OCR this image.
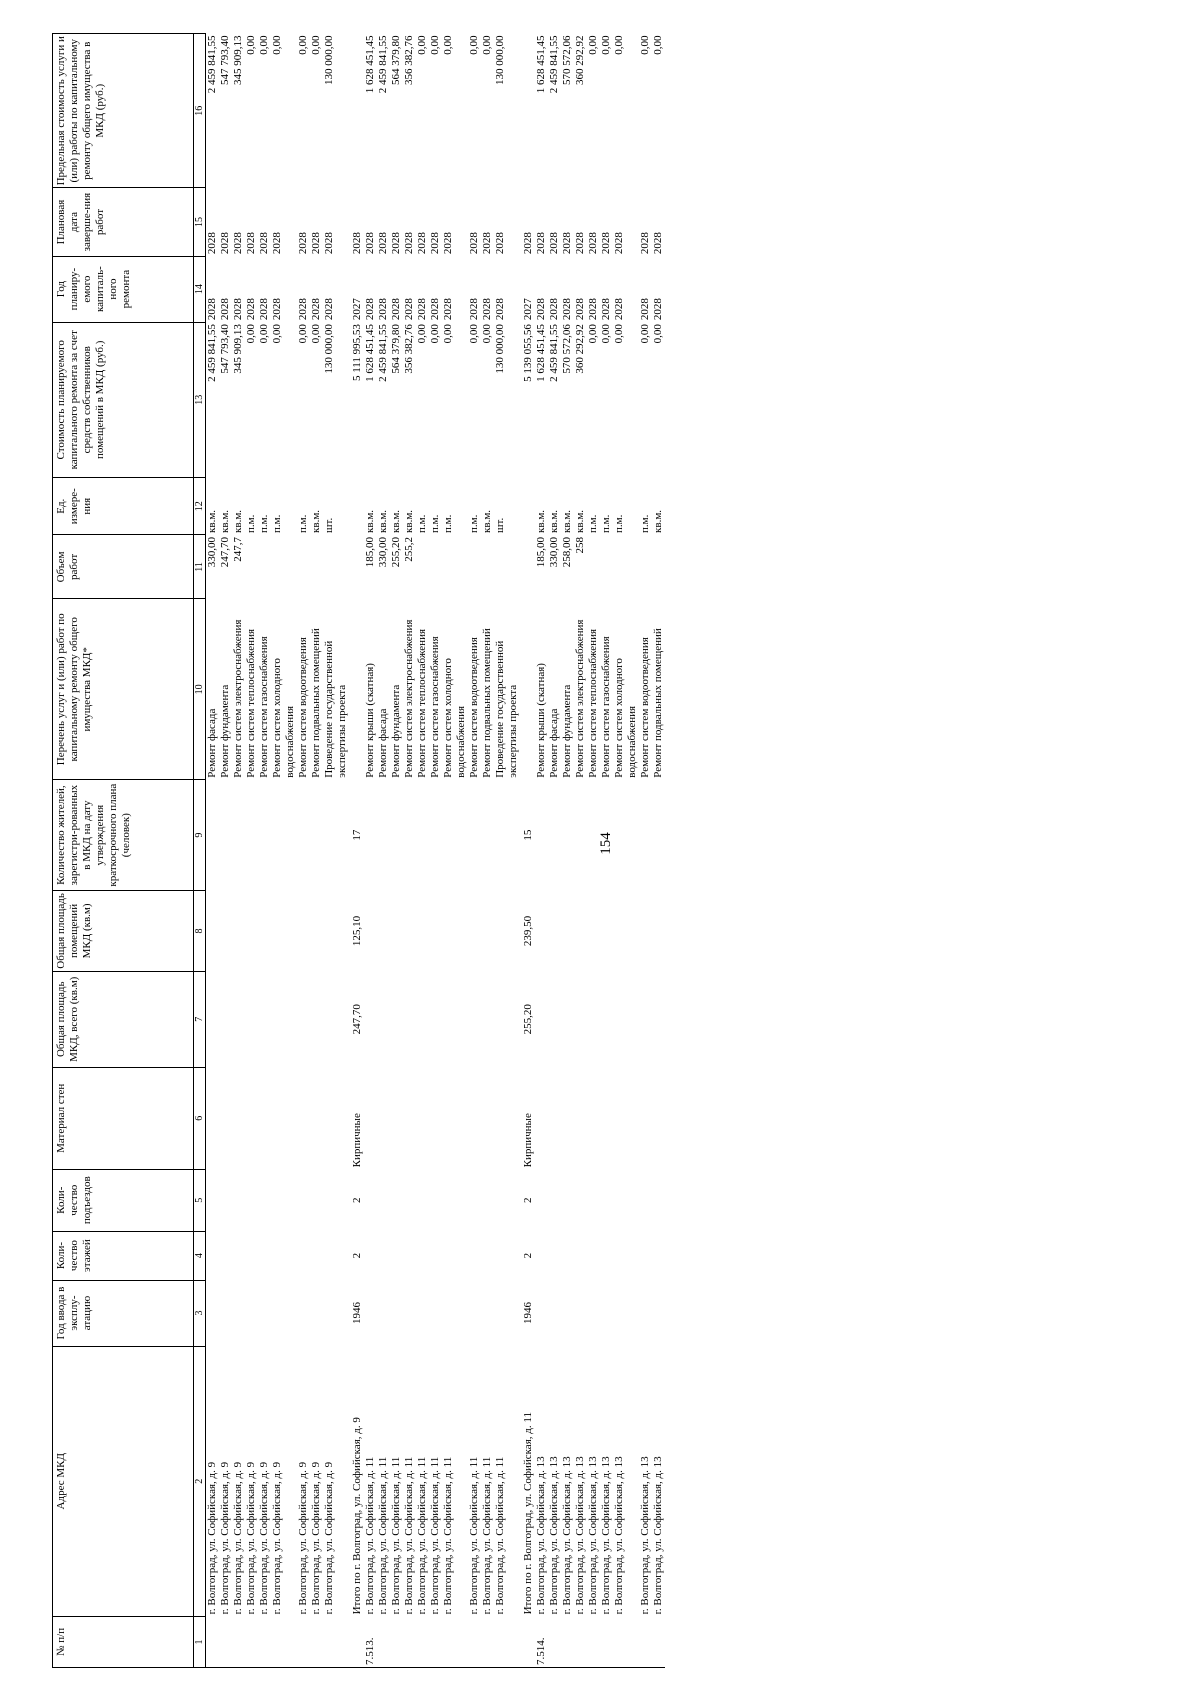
154
№ п/п	Адрес МКД	Год ввода в эксплу-атацию	Коли-чество этажей	Коли-чество подъездов	Материал стен	Общая площадь МКД, всего (кв.м)	Общая площадь помещений МКД (кв.м)	Количество жителей, зарегистри-рованных в МКД на дату утверждения краткосрочного плана (человек)	Перечень услуг и (или) работ по капитальному ремонту общего имущества МКД*	Объем работ	Ед. измере-ния	Стоимость планируемого капитального ремонта за счет средств собственников помещений в МКД (руб.)	Год планиру-емого капиталь-ного ремонта	Плановая дата заверше-ния работ	Предельная стоимость услуги и (или) работы по капитальному ремонту общего имущества в МКД (руб.)
1	2	3	4	5	6	7	8	9	10	11	12	13	14	15	16
	г. Волгоград, ул. Софийская, д. 9								Ремонт фасада	330,00	кв.м.	2 459 841,55	2028	2028	2 459 841,55
	г. Волгоград, ул. Софийская, д. 9								Ремонт фундамента	247,70	кв.м.	547 793,40	2028	2028	547 793,40
	г. Волгоград, ул. Софийская, д. 9								Ремонт систем электроснабжения	247,7	кв.м.	345 909,13	2028	2028	345 909,13
	г. Волгоград, ул. Софийская, д. 9								Ремонт систем теплоснабжения		п.м.	0,00	2028	2028	0,00
	г. Волгоград, ул. Софийская, д. 9								Ремонт систем газоснабжения		п.м.	0,00	2028	2028	0,00
	г. Волгоград, ул. Софийская, д. 9								Ремонт систем холодного водоснабжения		п.м.	0,00	2028	2028	0,00
	г. Волгоград, ул. Софийская, д. 9								Ремонт систем водоотведения		п.м.	0,00	2028	2028	0,00
	г. Волгоград, ул. Софийская, д. 9								Ремонт подвальных помещений		кв.м.	0,00	2028	2028	0,00
	г. Волгоград, ул. Софийская, д. 9								Проведение государственной экспертизы проекта		шт.	130 000,00	2028	2028	130 000,00
	Итого по г. Волгоград, ул. Софийская, д. 9	1946	2	2	Кирпичные	247,70	125,10	17				5 111 995,53	2027	2028	
7.513.	г. Волгоград, ул. Софийская, д. 11								Ремонт крыши (скатная)	185,00	кв.м.	1 628 451,45	2028	2028	1 628 451,45
	г. Волгоград, ул. Софийская, д. 11								Ремонт фасада	330,00	кв.м.	2 459 841,55	2028	2028	2 459 841,55
	г. Волгоград, ул. Софийская, д. 11								Ремонт фундамента	255,20	кв.м.	564 379,80	2028	2028	564 379,80
	г. Волгоград, ул. Софийская, д. 11								Ремонт систем электроснабжения	255,2	кв.м.	356 382,76	2028	2028	356 382,76
	г. Волгоград, ул. Софийская, д. 11								Ремонт систем теплоснабжения		п.м.	0,00	2028	2028	0,00
	г. Волгоград, ул. Софийская, д. 11								Ремонт систем газоснабжения		п.м.	0,00	2028	2028	0,00
	г. Волгоград, ул. Софийская, д. 11								Ремонт систем холодного водоснабжения		п.м.	0,00	2028	2028	0,00
	г. Волгоград, ул. Софийская, д. 11								Ремонт систем водоотведения		п.м.	0,00	2028	2028	0,00
	г. Волгоград, ул. Софийская, д. 11								Ремонт подвальных помещений		кв.м.	0,00	2028	2028	0,00
	г. Волгоград, ул. Софийская, д. 11								Проведение государственной экспертизы проекта		шт.	130 000,00	2028	2028	130 000,00
	Итого по г. Волгоград, ул. Софийская, д. 11	1946	2	2	Кирпичные	255,20	239,50	15				5 139 055,56	2027	2028	
7.514.	г. Волгоград, ул. Софийская, д. 13								Ремонт крыши (скатная)	185,00	кв.м.	1 628 451,45	2028	2028	1 628 451,45
	г. Волгоград, ул. Софийская, д. 13								Ремонт фасада	330,00	кв.м.	2 459 841,55	2028	2028	2 459 841,55
	г. Волгоград, ул. Софийская, д. 13								Ремонт фундамента	258,00	кв.м.	570 572,06	2028	2028	570 572,06
	г. Волгоград, ул. Софийская, д. 13								Ремонт систем электроснабжения	258	кв.м.	360 292,92	2028	2028	360 292,92
	г. Волгоград, ул. Софийская, д. 13								Ремонт систем теплоснабжения		п.м.	0,00	2028	2028	0,00
	г. Волгоград, ул. Софийская, д. 13								Ремонт систем газоснабжения		п.м.	0,00	2028	2028	0,00
	г. Волгоград, ул. Софийская, д. 13								Ремонт систем холодного водоснабжения		п.м.	0,00	2028	2028	0,00
	г. Волгоград, ул. Софийская, д. 13								Ремонт систем водоотведения		п.м.	0,00	2028	2028	0,00
	г. Волгоград, ул. Софийская, д. 13								Ремонт подвальных помещений		кв.м.	0,00	2028	2028	0,00
